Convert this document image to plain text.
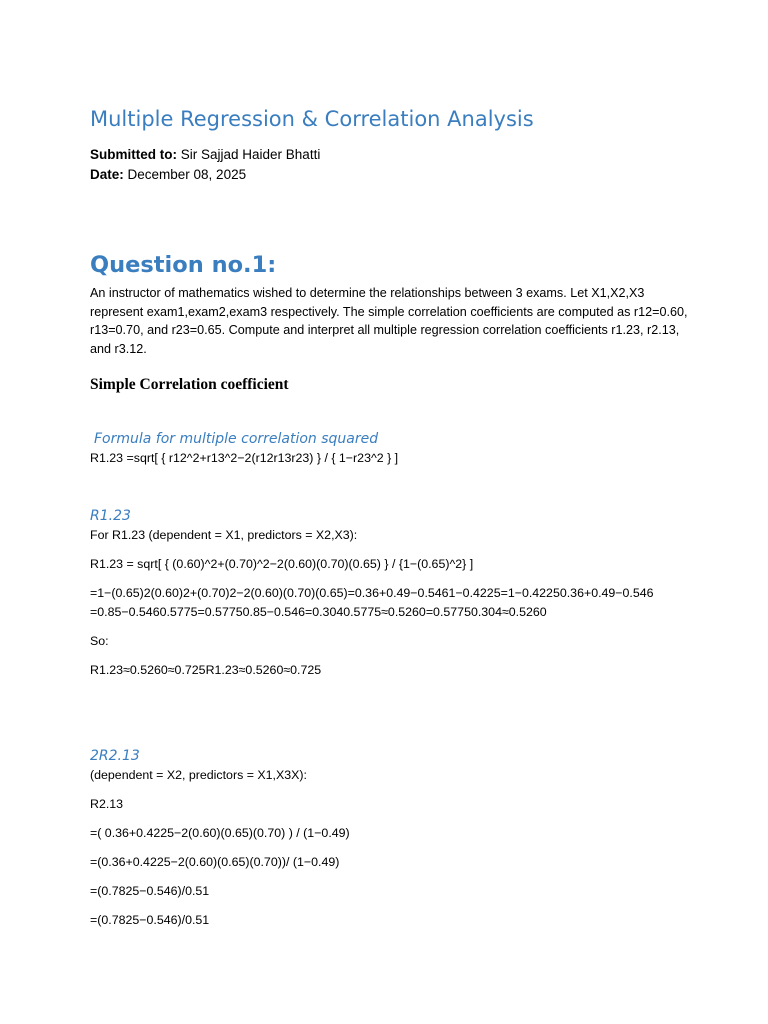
Multiple Regression & Correlation Analysis
Submitted to: Sir Sajjad Haider Bhatti
Date: December 08, 2025
Question no.1:
An instructor of mathematics wished to determine the relationships between 3 exams. Let X1,X2,X3 represent exam1,exam2,exam3 respectively. The simple correlation coefficients are computed as r12=0.60, r13=0.70, and r23=0.65. Compute and interpret all multiple regression correlation coefficients r1.23, r2.13, and r3.12.
Simple Correlation coefficient
Formula for multiple correlation squared
R1.23 =sqrt[ { r12^2+r13^2−2(r12r13r23) } / { 1−r23^2 } ]
R1.23
For R1.23 (dependent = X1, predictors = X2,X3):
R1.23 = sqrt[ { (0.60)^2+(0.70)^2−2(0.60)(0.70)(0.65) } / {1−(0.65)^2} ]
=1−(0.65)2(0.60)2+(0.70)2−2(0.60)(0.70)(0.65)=0.36+0.49−0.5461−0.4225=1−0.42250.36+0.49−0.546
=0.85−0.5460.5775=0.57750.85−0.546=0.3040.5775≈0.5260=0.57750.304≈0.5260
So:
R1.23≈0.5260≈0.725R1.23≈0.5260≈0.725
2R2.13
(dependent = X2, predictors = X1,X3X):
R2.13
=( 0.36+0.4225−2(0.60)(0.65)(0.70) ) / (1−0.49)
=(0.36+0.4225−2(0.60)(0.65)(0.70))/ (1−0.49)
=(0.7825−0.546)/0.51
=(0.7825−0.546)/0.51
